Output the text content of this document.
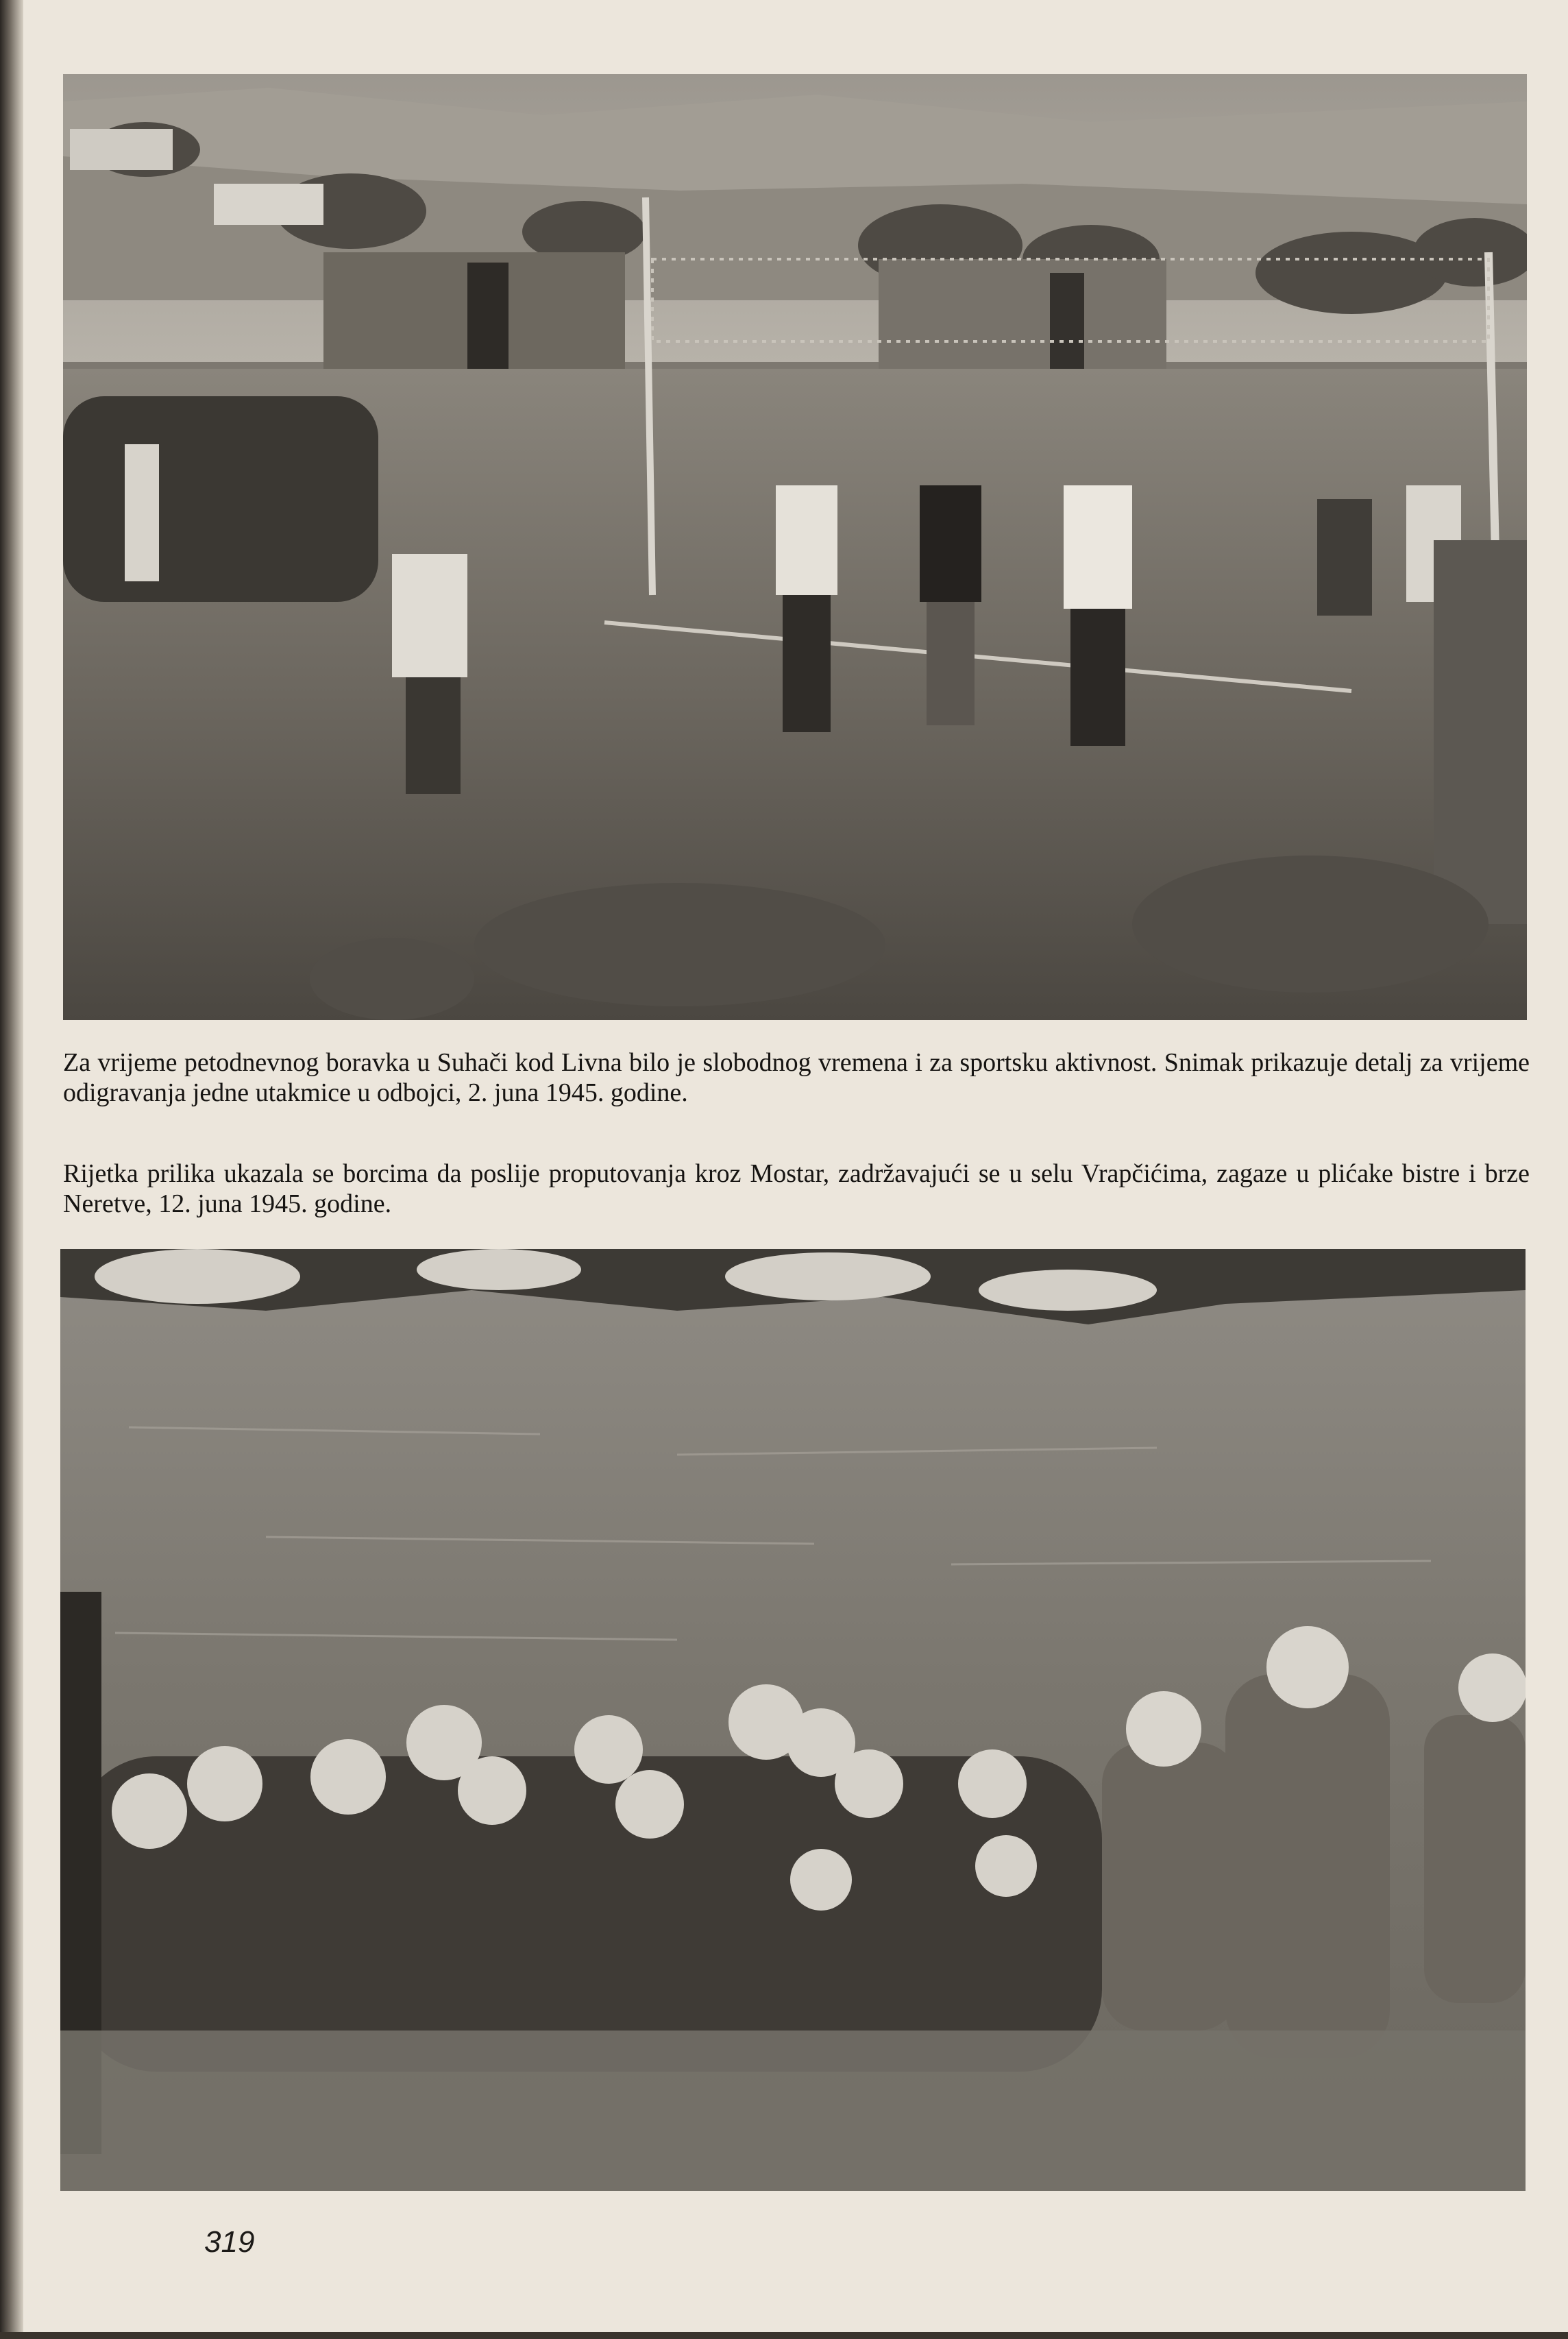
Za vrijeme petodnevnog boravka u Suhači kod Livna bilo je slobodnog vremena i za sportsku aktivnost. Snimak prikazuje detalj za vrijeme odigravanja jedne utakmice u odbojci, 2. juna 1945. godine.

Rijetka prilika ukazala se borcima da poslije proputovanja kroz Mostar, zadržavajući se u selu Vrapčićima, zagaze u plićake bistre i brze Neretve, 12. juna 1945. godine.

319
